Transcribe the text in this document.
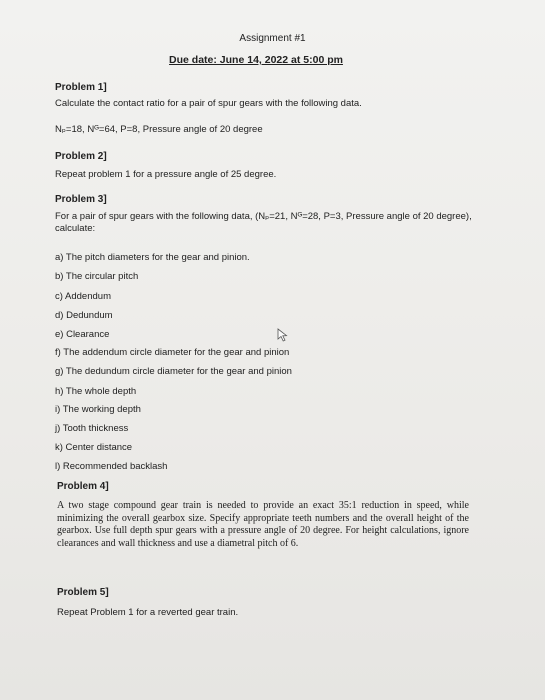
Assignment #1
Due date: June 14, 2022 at 5:00 pm
Problem 1]
Calculate the contact ratio for a pair of spur gears with the following data.
Nₚ=18, Nᴳ=64, P=8, Pressure angle of 20 degree
Problem 2]
Repeat problem 1 for a pressure angle of 25 degree.
Problem 3]
For a pair of spur gears with the following data, (Nₚ=21, Nᴳ=28, P=3, Pressure angle of 20 degree), calculate:
a) The pitch diameters for the gear and pinion.
b) The circular pitch
c) Addendum
d) Dedundum
e) Clearance
f) The addendum circle diameter for the gear and pinion
g) The dedundum circle diameter for the gear and pinion
h) The whole depth
i) The working depth
j) Tooth thickness
k) Center distance
l) Recommended backlash
Problem 4]
A two stage compound gear train is needed to provide an exact 35:1 reduction in speed, while minimizing the overall gearbox size. Specify appropriate teeth numbers and the overall height of the gearbox. Use full depth spur gears with a pressure angle of 20 degree. For height calculations, ignore clearances and wall thickness and use a diametral pitch of 6.
Problem 5]
Repeat Problem 1 for a reverted gear train.
